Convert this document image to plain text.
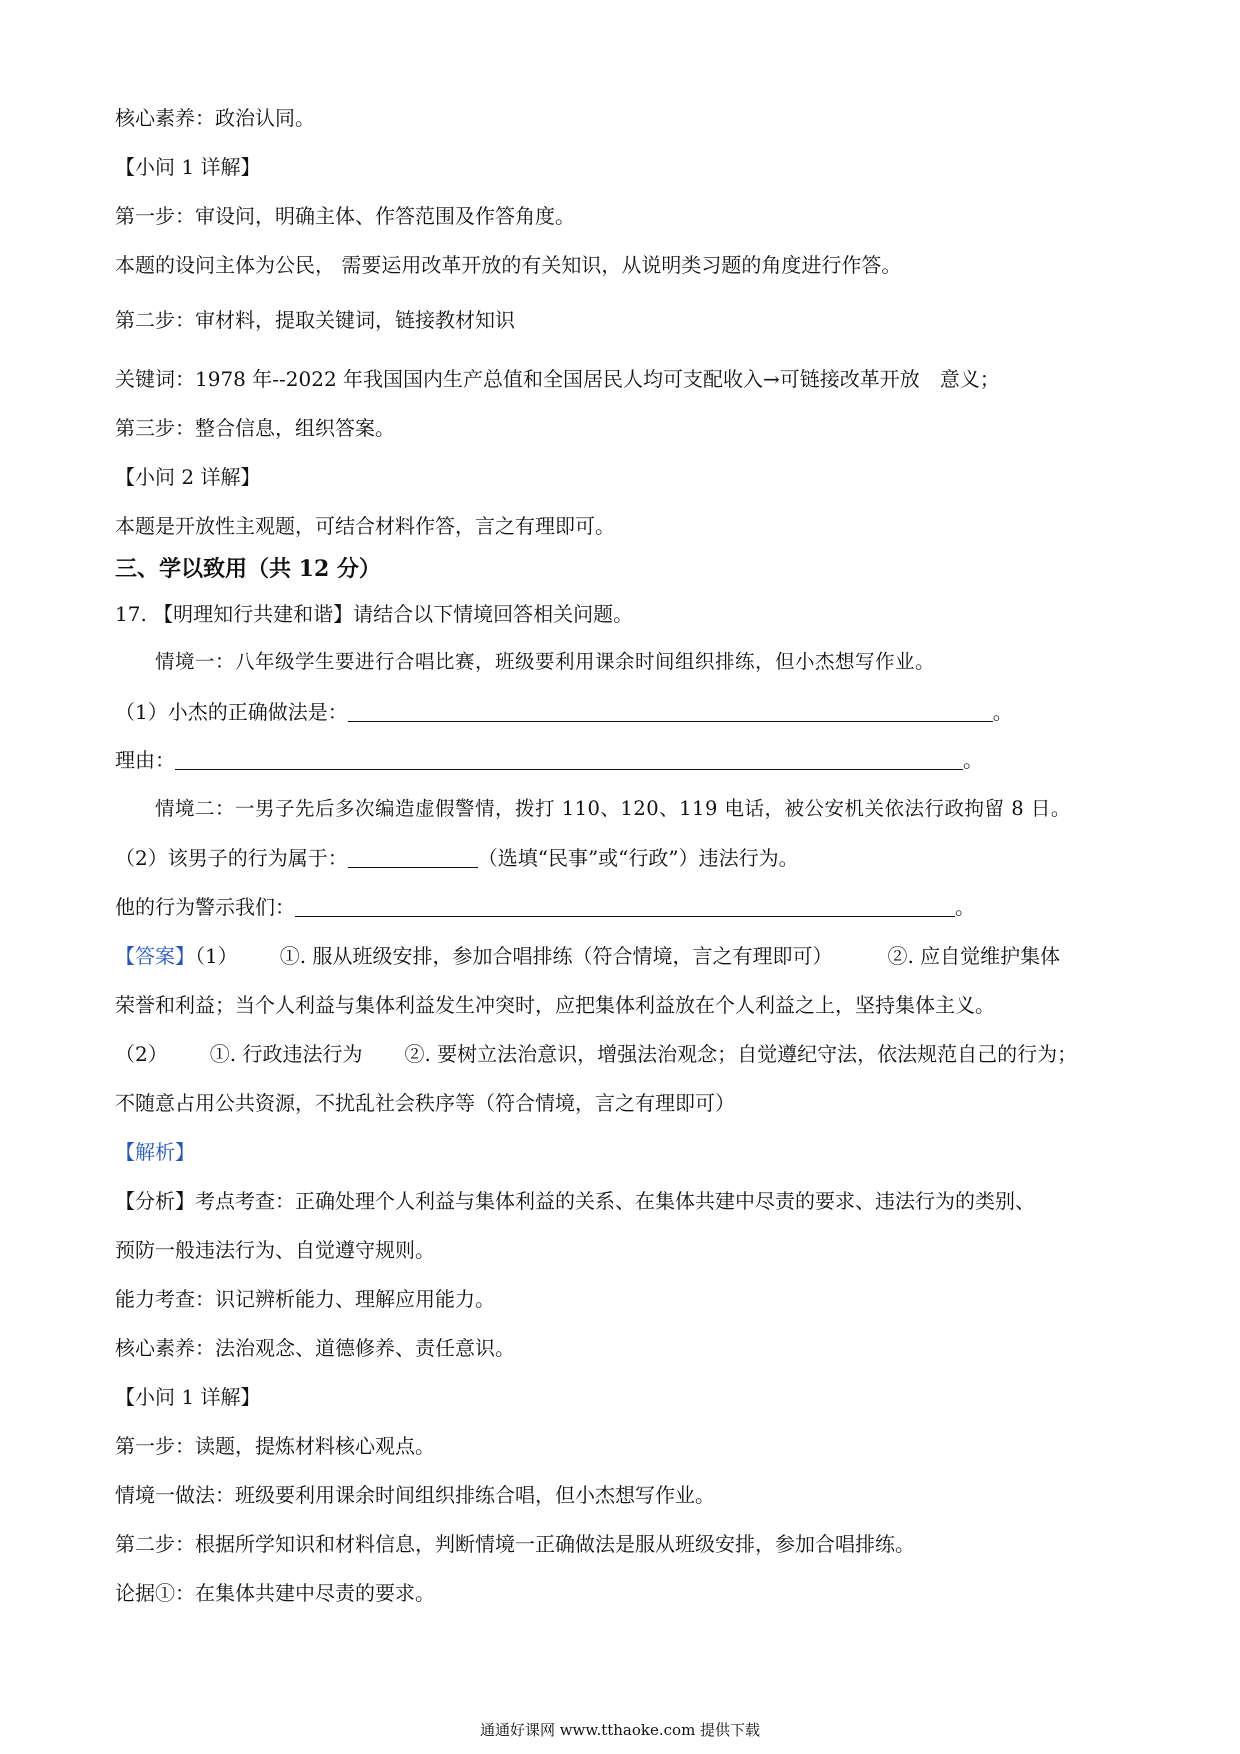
核心素养：政治认同。
【小问 1 详解】
第一步：审设问，明确主体、作答范围及作答角度。
本题的设问主体为公民， 需要运用改革开放的有关知识，从说明类习题的角度进行作答。
第二步：审材料，提取关键词，链接教材知识
关键词：1978 年--2022 年我国国内生产总值和全国居民人均可支配收入→可链接改革开放　意义；
第三步：整合信息，组织答案。
【小问 2 详解】
本题是开放性主观题，可结合材料作答，言之有理即可。
三、学以致用（共 12 分）
17. 【明理知行共建和谐】请结合以下情境回答相关问题。
情境一：八年级学生要进行合唱比赛，班级要利用课余时间组织排练，但小杰想写作业。
（1）小杰的正确做法是：	。
理由：	。
情境二：一男子先后多次编造虚假警情，拨打 110、120、119 电话，被公安机关依法行政拘留 8 日。
（2）该男子的行为属于：	（选填“民事”或“行政”）违法行为。
他的行为警示我们：	。
【答案】（1） ①. 服从班级安排，参加合唱排练（符合情境，言之有理即可）	②. 应自觉维护集体
荣誉和利益；当个人利益与集体利益发生冲突时，应把集体利益放在个人利益之上，坚持集体主义。
（2） ①. 行政违法行为 ②. 要树立法治意识，增强法治观念；自觉遵纪守法，依法规范自己的行为；
不随意占用公共资源，不扰乱社会秩序等（符合情境，言之有理即可）
【解析】
【分析】考点考查：正确处理个人利益与集体利益的关系、在集体共建中尽责的要求、违法行为的类别、
预防一般违法行为、自觉遵守规则。
能力考查：识记辨析能力、理解应用能力。
核心素养：法治观念、道德修养、责任意识。
【小问 1 详解】
第一步：读题，提炼材料核心观点。
情境一做法：班级要利用课余时间组织排练合唱，但小杰想写作业。
第二步：根据所学知识和材料信息，判断情境一正确做法是服从班级安排，参加合唱排练。
论据①：在集体共建中尽责的要求。
通通好课网 www.tthaoke.com 提供下载
